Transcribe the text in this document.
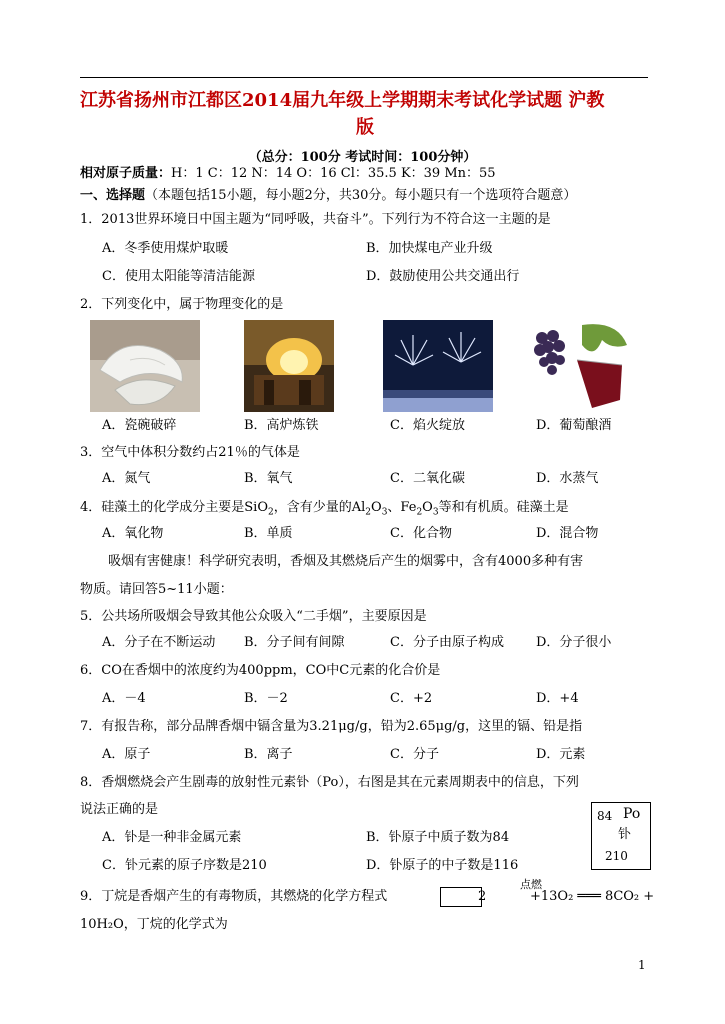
江苏省扬州市江都区2014届九年级上学期期末考试化学试题 沪教
版
（总分：100分 考试时间：100分钟）
相对原子质量：H：1 C：12 N：14 O：16 Cl：35.5 K：39 Mn：55
一、选择题（本题包括15小题，每小题2分，共30分。每小题只有一个选项符合题意）
1．2013世界环境日中国主题为“同呼吸，共奋斗”。下列行为不符合这一主题的是
A．冬季使用煤炉取暖	B．加快煤电产业升级
C．使用太阳能等清洁能源	D．鼓励使用公共交通出行
2．下列变化中，属于物理变化的是
A．瓷碗破碎	B．高炉炼铁	C．焰火绽放	D．葡萄酿酒
3．空气中体积分数约占21％的气体是
A．氮气	B．氧气	C．二氧化碳	D．水蒸气
4．硅藻土的化学成分主要是SiO$_2$，含有少量的$Al_2O_3$、$Fe_2O_3$等和有机质。硅藻土是
A．氧化物	B．单质	C．化合物	D．混合物
吸烟有害健康！科学研究表明，香烟及其燃烧后产生的烟雾中，含有4000多种有害
物质。请回答5~11小题：
5．公共场所吸烟会导致其他公众吸入“二手烟”，主要原因是
A．分子在不断运动 B．分子间有间隙	C．分子由原子构成 D．分子很小
6．CO在香烟中的浓度约为400ppm，CO中C元素的化合价是
A．－4	B．－2	C．+2	D．+4
7．有报告称，部分品牌香烟中镉含量为3.21μg/g，铅为2.65μg/g，这里的镉、铅是指
A．原子	B．离子	C．分子	D．元素
8．香烟燃烧会产生剧毒的放射性元素钋（Po），右图是其在元素周期表中的信息，下列
说法正确的是
A．钋是一种非金属元素	B．钋原子中质子数为84
C．钋元素的原子序数是210	D．钋原子的中子数是116
84 Po
钋
210
9．丁烷是香烟产生的有毒物质，其燃烧的化学方程式	2
点燃
+13O₂ ═══ 8CO₂ +
10H₂O，丁烷的化学式为
1
